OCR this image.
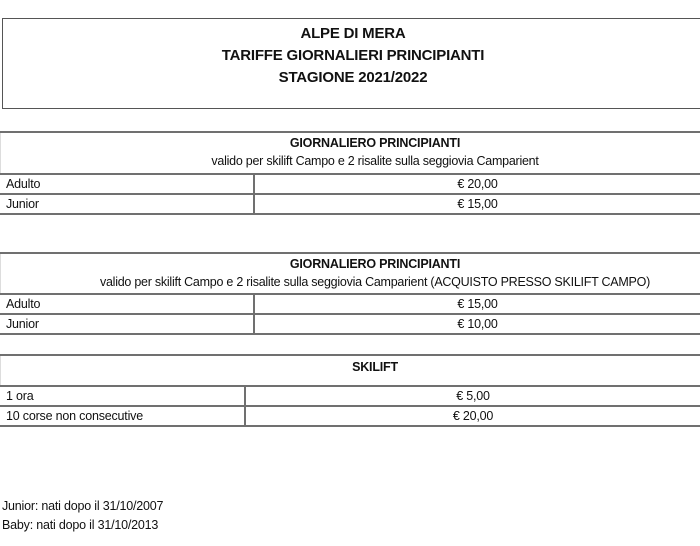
ALPE DI MERA
TARIFFE GIORNALIERI PRINCIPIANTI
STAGIONE 2021/2022
GIORNALIERO PRINCIPIANTI
valido per skilift Campo e 2 risalite sulla seggiovia Camparient
Adulto	€ 20,00
Junior	€ 15,00
GIORNALIERO PRINCIPIANTI
valido per skilift Campo e 2 risalite sulla seggiovia Camparient (ACQUISTO PRESSO SKILIFT CAMPO)
Adulto	€ 15,00
Junior	€ 10,00
SKILIFT
1 ora	€ 5,00
10 corse non consecutive	€ 20,00
Junior: nati dopo il 31/10/2007
Baby: nati dopo il 31/10/2013
